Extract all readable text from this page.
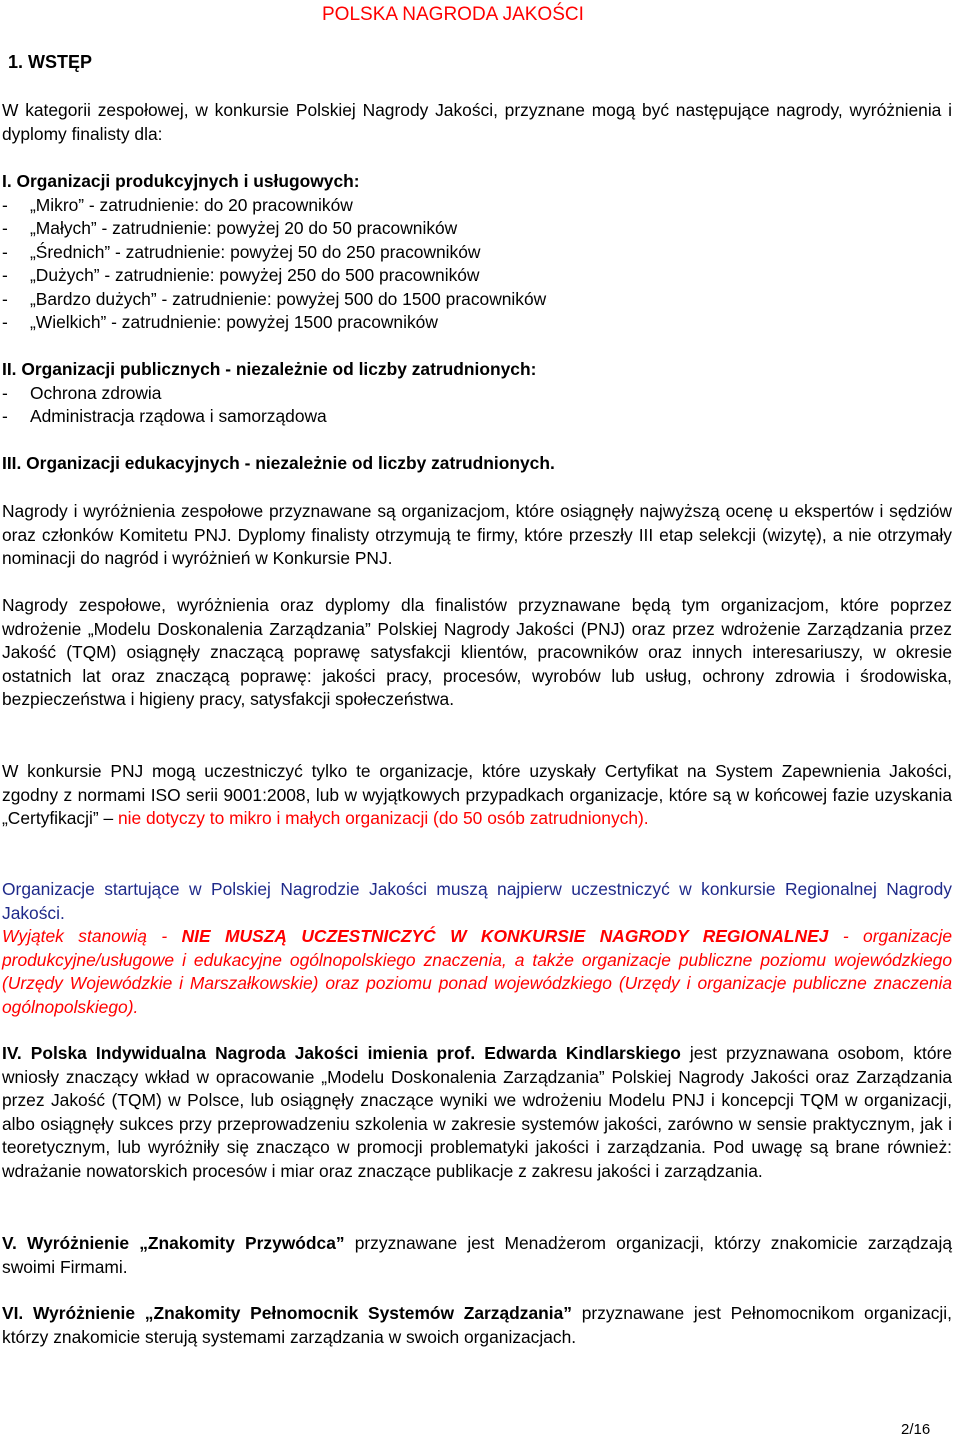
POLSKA NAGRODA JAKOŚCI
1. WSTĘP

W kategorii zespołowej, w konkursie Polskiej Nagrody Jakości, przyznane mogą być następujące nagrody, wyróżnienia i dyplomy finalisty dla:

I. Organizacji produkcyjnych i usługowych:
- „Mikro” - zatrudnienie: do 20 pracowników
- „Małych” - zatrudnienie: powyżej 20 do 50 pracowników
- „Średnich” - zatrudnienie: powyżej 50 do 250 pracowników
- „Dużych” - zatrudnienie: powyżej 250 do 500 pracowników
- „Bardzo dużych” - zatrudnienie: powyżej 500 do 1500 pracowników
- „Wielkich” - zatrudnienie: powyżej 1500 pracowników
II. Organizacji publicznych - niezależnie od liczby zatrudnionych:
- Ochrona zdrowia
- Administracja rządowa i samorządowa
III. Organizacji edukacyjnych - niezależnie od liczby zatrudnionych.

Nagrody i wyróżnienia zespołowe przyznawane są organizacjom, które osiągnęły najwyższą ocenę u ekspertów i sędziów oraz członków Komitetu PNJ. Dyplomy finalisty otrzymują te firmy, które przeszły III etap selekcji (wizytę), a nie otrzymały nominacji do nagród i wyróżnień w Konkursie PNJ.

Nagrody zespołowe, wyróżnienia oraz dyplomy dla finalistów przyznawane będą tym organizacjom, które poprzez wdrożenie „Modelu Doskonalenia Zarządzania” Polskiej Nagrody Jakości (PNJ) oraz przez wdrożenie Zarządzania przez Jakość (TQM) osiągnęły znaczącą poprawę satysfakcji klientów, pracowników oraz innych interesariuszy, w okresie ostatnich lat oraz znaczącą poprawę: jakości pracy, procesów, wyrobów lub usług, ochrony zdrowia i środowiska, bezpieczeństwa i higieny pracy, satysfakcji społeczeństwa.

W konkursie PNJ mogą uczestniczyć tylko te organizacje, które uzyskały Certyfikat na System Zapewnienia Jakości, zgodny z normami ISO serii 9001:2008, lub w wyjątkowych przypadkach organizacje, które są w końcowej fazie uzyskania „Certyfikacji” – nie dotyczy to mikro i małych organizacji (do 50 osób zatrudnionych).

Organizacje startujące w Polskiej Nagrodzie Jakości muszą najpierw uczestniczyć w konkursie Regionalnej Nagrody Jakości.
Wyjątek stanowią - NIE MUSZĄ UCZESTNICZYĆ W KONKURSIE NAGRODY REGIONALNEJ - organizacje produkcyjne/usługowe i edukacyjne ogólnopolskiego znaczenia, a także organizacje publiczne poziomu wojewódzkiego (Urzędy Wojewódzkie i Marszałkowskie) oraz poziomu ponad wojewódzkiego (Urzędy i organizacje publiczne znaczenia ogólnopolskiego).

IV. Polska Indywidualna Nagroda Jakości imienia prof. Edwarda Kindlarskiego jest przyznawana osobom, które wniosły znaczący wkład w opracowanie „Modelu Doskonalenia Zarządzania” Polskiej Nagrody Jakości oraz Zarządzania przez Jakość (TQM) w Polsce, lub osiągnęły znaczące wyniki we wdrożeniu Modelu PNJ i koncepcji TQM w organizacji, albo osiągnęły sukces przy przeprowadzeniu szkolenia w zakresie systemów jakości, zarówno w sensie praktycznym, jak i teoretycznym, lub wyróżniły się znacząco w promocji problematyki jakości i zarządzania. Pod uwagę są brane również: wdrażanie nowatorskich procesów i miar oraz znaczące publikacje z zakresu jakości i zarządzania.

V. Wyróżnienie „Znakomity Przywódca” przyznawane jest Menadżerom organizacji, którzy znakomicie zarządzają swoimi Firmami.

VI. Wyróżnienie „Znakomity Pełnomocnik Systemów Zarządzania” przyznawane jest Pełnomocnikom organizacji, którzy znakomicie sterują systemami zarządzania w swoich organizacjach.

2/16
